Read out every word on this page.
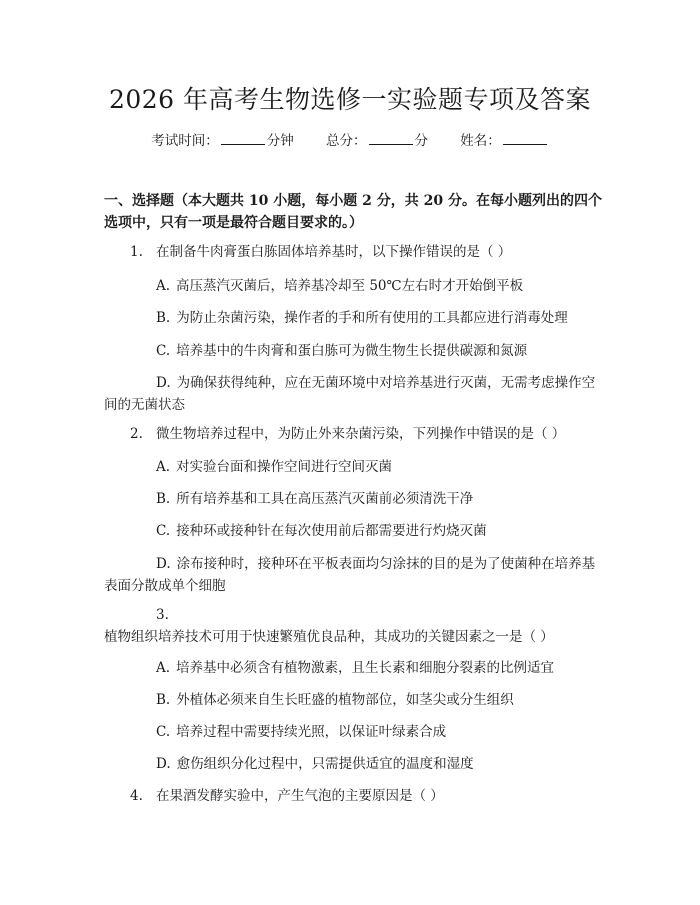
2026 年高考生物选修一实验题专项及答案
考试时间：	分钟 总分：	分 姓名：
一、选择题（本大题共 10 小题，每小题 2 分，共 20 分。在每小题列出的四个选项中，只有一项是最符合题目要求的。）
1. 在制备牛肉膏蛋白胨固体培养基时，以下操作错误的是（ ）
A. 高压蒸汽灭菌后，培养基冷却至 50℃左右时才开始倒平板
B. 为防止杂菌污染，操作者的手和所有使用的工具都应进行消毒处理
C. 培养基中的牛肉膏和蛋白胨可为微生物生长提供碳源和氮源
D. 为确保获得纯种，应在无菌环境中对培养基进行灭菌，无需考虑操作空间的无菌状态
2. 微生物培养过程中，为防止外来杂菌污染，下列操作中错误的是（ ）
A. 对实验台面和操作空间进行空间灭菌
B. 所有培养基和工具在高压蒸汽灭菌前必须清洗干净
C. 接种环或接种针在每次使用前后都需要进行灼烧灭菌
D. 涂布接种时，接种环在平板表面均匀涂抹的目的是为了使菌种在培养基表面分散成单个细胞
3.植物组织培养技术可用于快速繁殖优良品种，其成功的关键因素之一是（ ）
A. 培养基中必须含有植物激素，且生长素和细胞分裂素的比例适宜
B. 外植体必须来自生长旺盛的植物部位，如茎尖或分生组织
C. 培养过程中需要持续光照，以保证叶绿素合成
D. 愈伤组织分化过程中，只需提供适宜的温度和湿度
4. 在果酒发酵实验中，产生气泡的主要原因是（ ）
